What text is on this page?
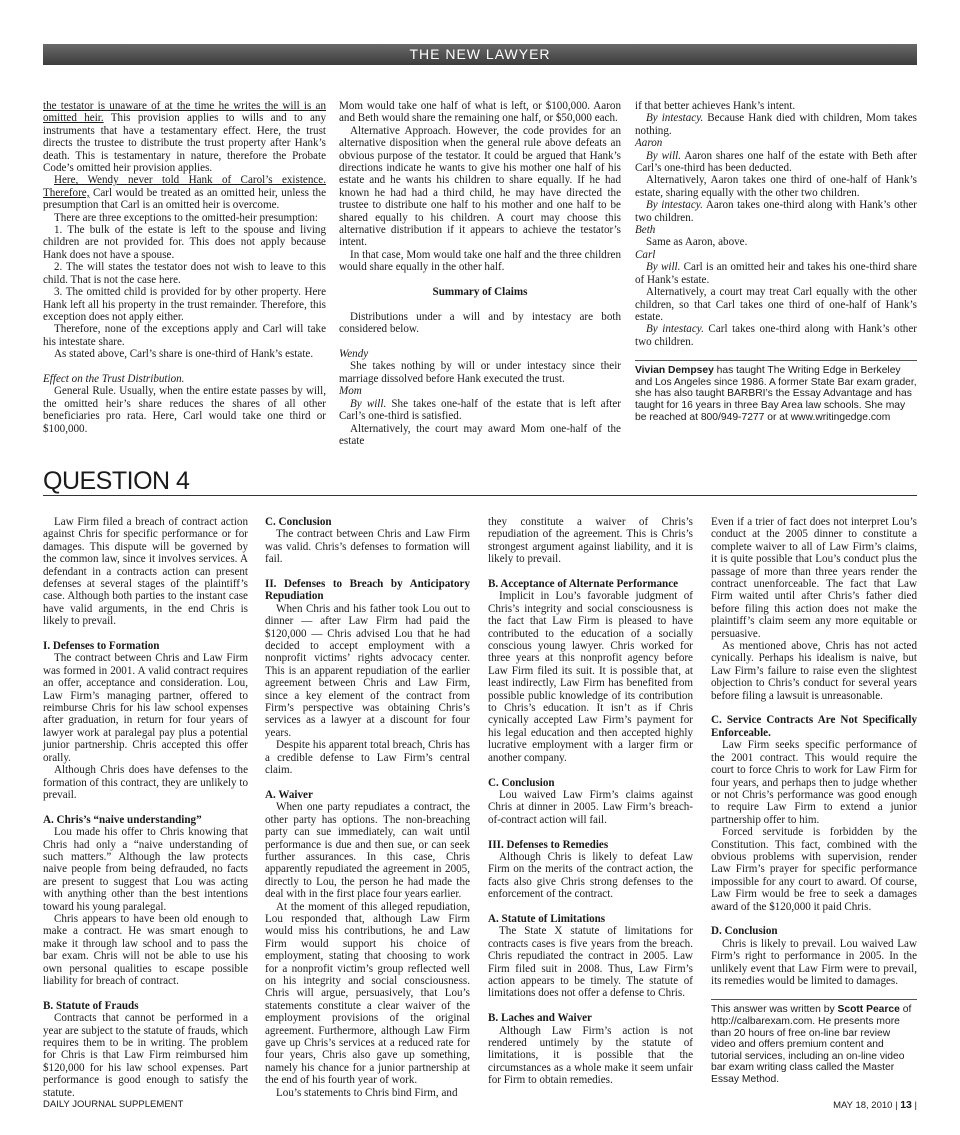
THE NEW LAWYER

the testator is unaware of at the time he writes the will is an omitted heir. This provision applies to wills and to any instruments that have a testamentary effect. Here, the trust directs the trustee to distribute the trust property after Hank’s death. This is testamentary in nature, therefore the Probate Code’s omitted heir provision applies.

Here, Wendy never told Hank of Carol’s existence. Therefore, Carl would be treated as an omitted heir, unless the presumption that Carl is an omitted heir is overcome.

There are three exceptions to the omitted-heir presumption:

1. The bulk of the estate is left to the spouse and living children are not provided for. This does not apply because Hank does not have a spouse.

2. The will states the testator does not wish to leave to this child. That is not the case here.

3. The omitted child is provided for by other property. Here Hank left all his property in the trust remainder. Therefore, this exception does not apply either.

Therefore, none of the exceptions apply and Carl will take his intestate share.

As stated above, Carl’s share is one-third of Hank’s estate.

Effect on the Trust Distribution.

General Rule. Usually, when the entire estate passes by will, the omitted heir’s share reduces the shares of all other beneficiaries pro rata. Here, Carl would take one third or $100,000.

Mom would take one half of what is left, or $100,000. Aaron and Beth would share the remaining one half, or $50,000 each.

Alternative Approach. However, the code provides for an alternative disposition when the general rule above defeats an obvious purpose of the testator. It could be argued that Hank’s directions indicate he wants to give his mother one half of his estate and he wants his children to share equally. If he had known he had had a third child, he may have directed the trustee to distribute one half to his mother and one half to be shared equally to his children. A court may choose this alternative distribution if it appears to achieve the testator’s intent.

In that case, Mom would take one half and the three children would share equally in the other half.

Summary of Claims

Distributions under a will and by intestacy are both considered below.

Wendy

She takes nothing by will or under intestacy since their marriage dissolved before Hank executed the trust.

Mom

By will. She takes one-half of the estate that is left after Carl’s one-third is satisfied.

Alternatively, the court may award Mom one-half of the estate

if that better achieves Hank’s intent.

By intestacy. Because Hank died with children, Mom takes nothing.

Aaron

By will. Aaron shares one half of the estate with Beth after Carl’s one-third has been deducted.

Alternatively, Aaron takes one third of one-half of Hank’s estate, sharing equally with the other two children.

By intestacy. Aaron takes one-third along with Hank’s other two children.

Beth

Same as Aaron, above.

Carl

By will. Carl is an omitted heir and takes his one-third share of Hank’s estate.

Alternatively, a court may treat Carl equally with the other children, so that Carl takes one third of one-half of Hank’s estate.

By intestacy. Carl takes one-third along with Hank’s other two children.

Vivian Dempsey has taught The Writing Edge in Berkeley and Los Angeles since 1986. A former State Bar exam grader, she has also taught BARBRI’s the Essay Advantage and has taught for 16 years in three Bay Area law schools. She may be reached at 800/949-7277 or at www.writingedge.com
QUESTION 4

Law Firm filed a breach of contract action against Chris for specific performance or for damages. This dispute will be governed by the common law, since it involves services. A defendant in a contracts action can present defenses at several stages of the plaintiff’s case. Although both parties to the instant case have valid arguments, in the end Chris is likely to prevail.

I. Defenses to Formation

The contract between Chris and Law Firm was formed in 2001. A valid contract requires an offer, acceptance and consideration. Lou, Law Firm’s managing partner, offered to reimburse Chris for his law school expenses after graduation, in return for four years of lawyer work at paralegal pay plus a potential junior partnership. Chris accepted this offer orally.

Although Chris does have defenses to the formation of this contract, they are unlikely to prevail.

A. Chris’s “naive understanding”

Lou made his offer to Chris knowing that Chris had only a “naive understanding of such matters.” Although the law protects naive people from being defrauded, no facts are present to suggest that Lou was acting with anything other than the best intentions toward his young paralegal.

Chris appears to have been old enough to make a contract. He was smart enough to make it through law school and to pass the bar exam. Chris will not be able to use his own personal qualities to escape possible liability for breach of contract.

B. Statute of Frauds

Contracts that cannot be performed in a year are subject to the statute of frauds, which requires them to be in writing. The problem for Chris is that Law Firm reimbursed him $120,000 for his law school expenses. Part performance is good enough to satisfy the statute.

C. Conclusion

The contract between Chris and Law Firm was valid. Chris’s defenses to formation will fail.

II. Defenses to Breach by Anticipatory Repudiation

When Chris and his father took Lou out to dinner — after Law Firm had paid the $120,000 — Chris advised Lou that he had decided to accept employment with a nonprofit victims’ rights advocacy center. This is an apparent repudiation of the earlier agreement between Chris and Law Firm, since a key element of the contract from Firm’s perspective was obtaining Chris’s services as a lawyer at a discount for four years.

Despite his apparent total breach, Chris has a credible defense to Law Firm’s central claim.

A. Waiver

When one party repudiates a contract, the other party has options. The non-breaching party can sue immediately, can wait until performance is due and then sue, or can seek further assurances. In this case, Chris apparently repudiated the agreement in 2005, directly to Lou, the person he had made the deal with in the first place four years earlier.

At the moment of this alleged repudiation, Lou responded that, although Law Firm would miss his contributions, he and Law Firm would support his choice of employment, stating that choosing to work for a nonprofit victim’s group reflected well on his integrity and social consciousness. Chris will argue, persuasively, that Lou’s statements constitute a clear waiver of the employment provisions of the original agreement. Furthermore, although Law Firm gave up Chris’s services at a reduced rate for four years, Chris also gave up something, namely his chance for a junior partnership at the end of his fourth year of work.

Lou’s statements to Chris bind Firm, and

they constitute a waiver of Chris’s repudiation of the agreement. This is Chris’s strongest argument against liability, and it is likely to prevail.

B. Acceptance of Alternate Performance

Implicit in Lou’s favorable judgment of Chris’s integrity and social consciousness is the fact that Law Firm is pleased to have contributed to the education of a socially conscious young lawyer. Chris worked for three years at this nonprofit agency before Law Firm filed its suit. It is possible that, at least indirectly, Law Firm has benefited from possible public knowledge of its contribution to Chris’s education. It isn’t as if Chris cynically accepted Law Firm’s payment for his legal education and then accepted highly lucrative employment with a larger firm or another company.

C. Conclusion

Lou waived Law Firm’s claims against Chris at dinner in 2005. Law Firm’s breach-of-contract action will fail.

III. Defenses to Remedies

Although Chris is likely to defeat Law Firm on the merits of the contract action, the facts also give Chris strong defenses to the enforcement of the contract.

A. Statute of Limitations

The State X statute of limitations for contracts cases is five years from the breach. Chris repudiated the contract in 2005. Law Firm filed suit in 2008. Thus, Law Firm’s action appears to be timely. The statute of limitations does not offer a defense to Chris.

B. Laches and Waiver

Although Law Firm’s action is not rendered untimely by the statute of limitations, it is possible that the circumstances as a whole make it seem unfair for Firm to obtain remedies.

Even if a trier of fact does not interpret Lou’s conduct at the 2005 dinner to constitute a complete waiver to all of Law Firm’s claims, it is quite possible that Lou’s conduct plus the passage of more than three years render the contract unenforceable. The fact that Law Firm waited until after Chris’s father died before filing this action does not make the plaintiff’s claim seem any more equitable or persuasive.

As mentioned above, Chris has not acted cynically. Perhaps his idealism is naive, but Law Firm’s failure to raise even the slightest objection to Chris’s conduct for several years before filing a lawsuit is unreasonable.

C. Service Contracts Are Not Specifically Enforceable.

Law Firm seeks specific performance of the 2001 contract. This would require the court to force Chris to work for Law Firm for four years, and perhaps then to judge whether or not Chris’s performance was good enough to require Law Firm to extend a junior partnership offer to him.

Forced servitude is forbidden by the Constitution. This fact, combined with the obvious problems with supervision, render Law Firm’s prayer for specific performance impossible for any court to award. Of course, Law Firm would be free to seek a damages award of the $120,000 it paid Chris.

D. Conclusion

Chris is likely to prevail. Lou waived Law Firm’s right to performance in 2005. In the unlikely event that Law Firm were to prevail, its remedies would be limited to damages.

This answer was written by Scott Pearce of http://calbarexam.com. He presents more than 20 hours of free on-line bar review video and offers premium content and tutorial services, including an on-line video bar exam writing class called the Master Essay Method.
DAILY JOURNAL SUPPLEMENT	MAY 18, 2010 | 13 |
